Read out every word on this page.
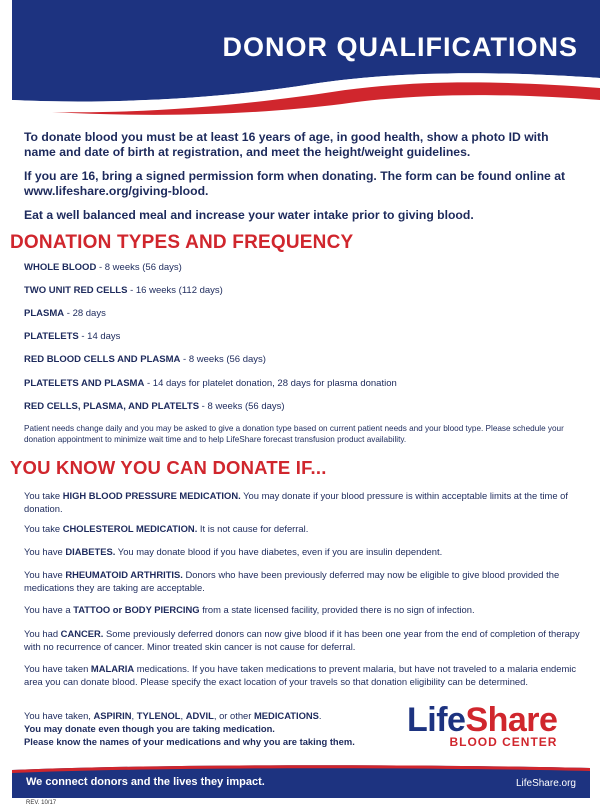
DONOR QUALIFICATIONS

To donate blood you must be at least 16 years of age, in good health, show a photo ID with name and date of birth at registration, and meet the height/weight guidelines.

If you are 16, bring a signed permission form when donating. The form can be found online at www.lifeshare.org/giving-blood.

Eat a well balanced meal and increase your water intake prior to giving blood.

DONATION TYPES AND FREQUENCY
WHOLE BLOOD - 8 weeks (56 days)
TWO UNIT RED CELLS - 16 weeks (112 days)
PLASMA - 28 days
PLATELETS - 14 days
RED BLOOD CELLS AND PLASMA - 8 weeks (56 days)
PLATELETS AND PLASMA - 14 days for platelet donation, 28 days for plasma donation
RED CELLS, PLASMA, AND PLATELTS - 8 weeks (56 days)
Patient needs change daily and you may be asked to give a donation type based on current patient needs and your blood type. Please schedule your donation appointment to minimize wait time and to help LifeShare forecast transfusion product availability.
YOU KNOW YOU CAN DONATE IF...
You take HIGH BLOOD PRESSURE MEDICATION. You may donate if your blood pressure is within acceptable limits at the time of donation.
You take CHOLESTEROL MEDICATION. It is not cause for deferral.
You have DIABETES. You may donate blood if you have diabetes, even if you are insulin dependent.
You have RHEUMATOID ARTHRITIS. Donors who have been previously deferred may now be eligible to give blood provided the medications they are taking are acceptable.
You have a TATTOO or BODY PIERCING from a state licensed facility, provided there is no sign of infection.
You had CANCER. Some previously deferred donors can now give blood if it has been one year from the end of completion of therapy with no recurrence of cancer. Minor treated skin cancer is not cause for deferral.
You have taken MALARIA medications. If you have taken medications to prevent malaria, but have not traveled to a malaria endemic area you can donate blood. Please specify the exact location of your travels so that donation eligibility can be determined.
You have taken, ASPIRIN, TYLENOL, ADVIL, or other MEDICATIONS.
You may donate even though you are taking medication.
Please know the names of your medications and why you are taking them.
LifeShare
BLOOD CENTER
We connect donors and the lives they impact.	LifeShare.org
REV. 10/17
